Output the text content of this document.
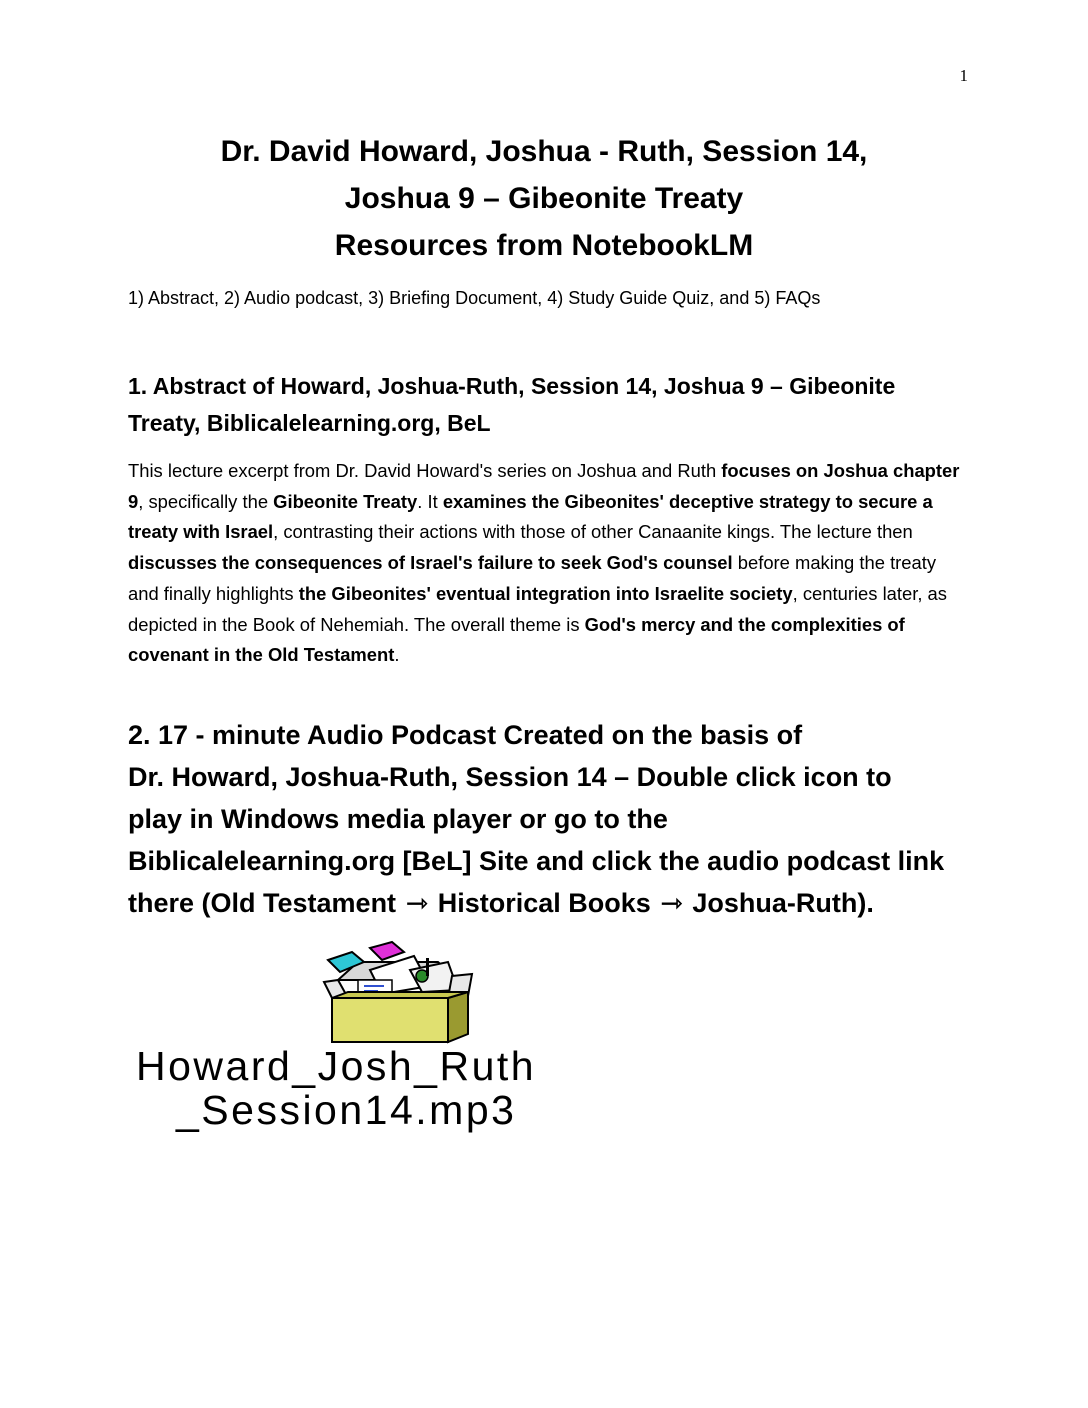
1
Dr. David Howard, Joshua - Ruth, Session 14,
Joshua 9 – Gibeonite Treaty
Resources from NotebookLM
1) Abstract, 2) Audio podcast, 3) Briefing Document, 4) Study Guide Quiz, and 5) FAQs
1. Abstract of Howard, Joshua-Ruth, Session 14, Joshua 9 – Gibeonite Treaty, Biblicalelearning.org, BeL
This lecture excerpt from Dr. David Howard's series on Joshua and Ruth focuses on Joshua chapter 9, specifically the Gibeonite Treaty. It examines the Gibeonites' deceptive strategy to secure a treaty with Israel, contrasting their actions with those of other Canaanite kings. The lecture then discusses the consequences of Israel's failure to seek God's counsel before making the treaty and finally highlights the Gibeonites' eventual integration into Israelite society, centuries later, as depicted in the Book of Nehemiah. The overall theme is God's mercy and the complexities of covenant in the Old Testament.
2. 17 - minute Audio Podcast Created on the basis of
Dr. Howard, Joshua-Ruth, Session 14 – Double click icon to
play in Windows media player or go to the
Biblicalelearning.org [BeL] Site and click the audio podcast link
there (Old Testament ⇾ Historical Books ⇾ Joshua-Ruth).
Howard_Josh_Ruth
_Session14.mp3
